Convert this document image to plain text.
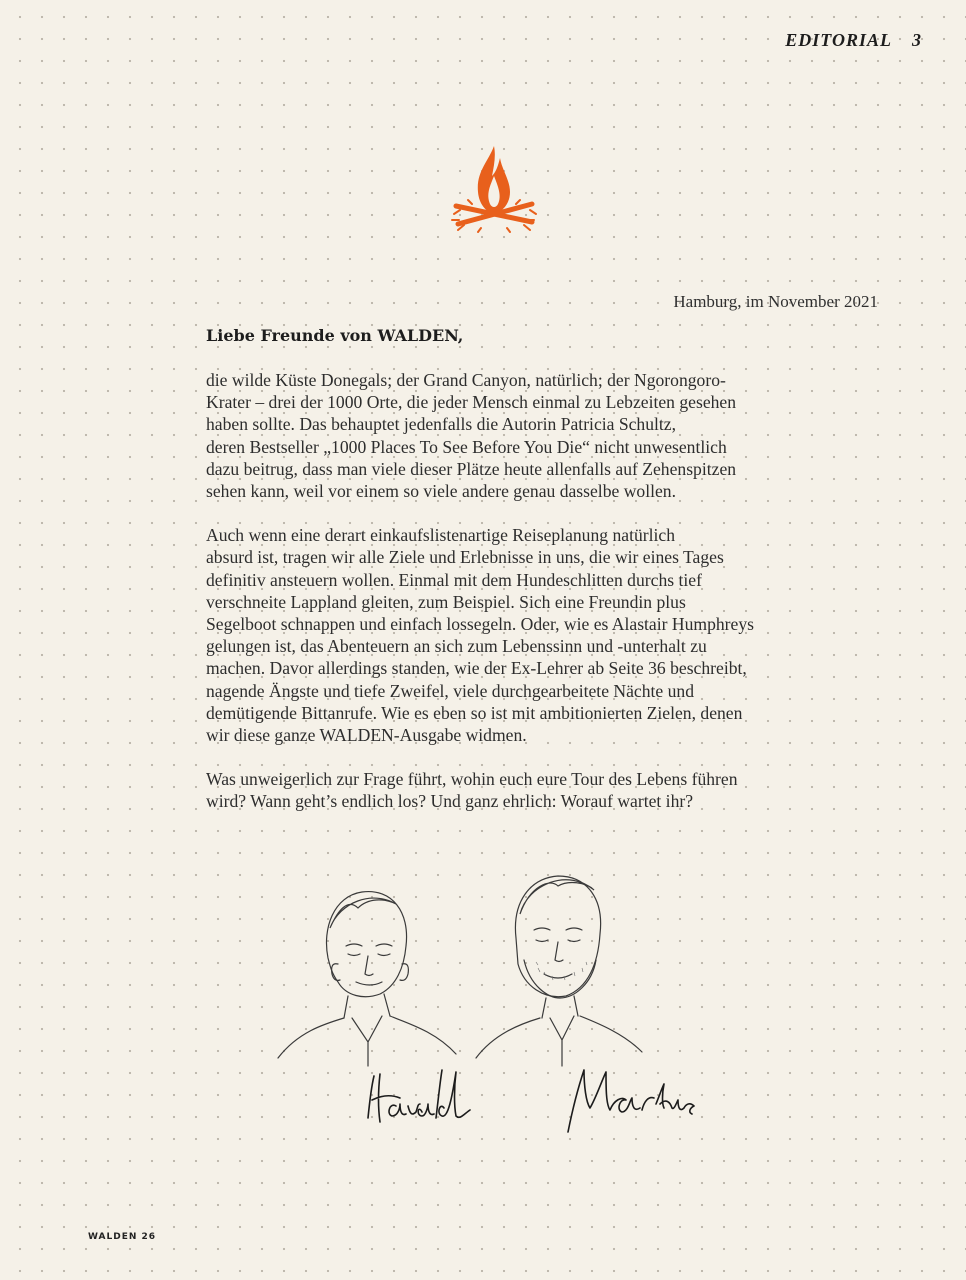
EDITORIAL 3
Hamburg, im November 2021
Liebe Freunde von WALDEN,
die wilde Küste Donegals; der Grand Canyon, natürlich; der Ngorongoro-
Krater – drei der 1000 Orte, die jeder Mensch einmal zu Lebzeiten gesehen
haben sollte. Das behauptet jedenfalls die Autorin Patricia Schultz,
deren Bestseller „1000 Places To See Before You Die“ nicht unwesentlich
dazu beitrug, dass man viele dieser Plätze heute allenfalls auf Zehenspitzen
sehen kann, weil vor einem so viele andere genau dasselbe wollen.
Auch wenn eine derart einkaufslistenartige Reiseplanung natürlich
absurd ist, tragen wir alle Ziele und Erlebnisse in uns, die wir eines Tages
definitiv ansteuern wollen. Einmal mit dem Hundeschlitten durchs tief
verschneite Lappland gleiten, zum Beispiel. Sich eine Freundin plus
Segelboot schnappen und einfach lossegeln. Oder, wie es Alastair Humphreys
gelungen ist, das Abenteuern an sich zum Lebenssinn und -unterhalt zu
machen. Davor allerdings standen, wie der Ex-Lehrer ab Seite 36 beschreibt,
nagende Ängste und tiefe Zweifel, viele durchgearbeitete Nächte und
demütigende Bittanrufe. Wie es eben so ist mit ambitionierten Zielen, denen
wir diese ganze WALDEN-Ausgabe widmen.
Was unweigerlich zur Frage führt, wohin euch eure Tour des Lebens führen
wird? Wann geht’s endlich los? Und ganz ehrlich: Worauf wartet ihr?
WALDEN 26
